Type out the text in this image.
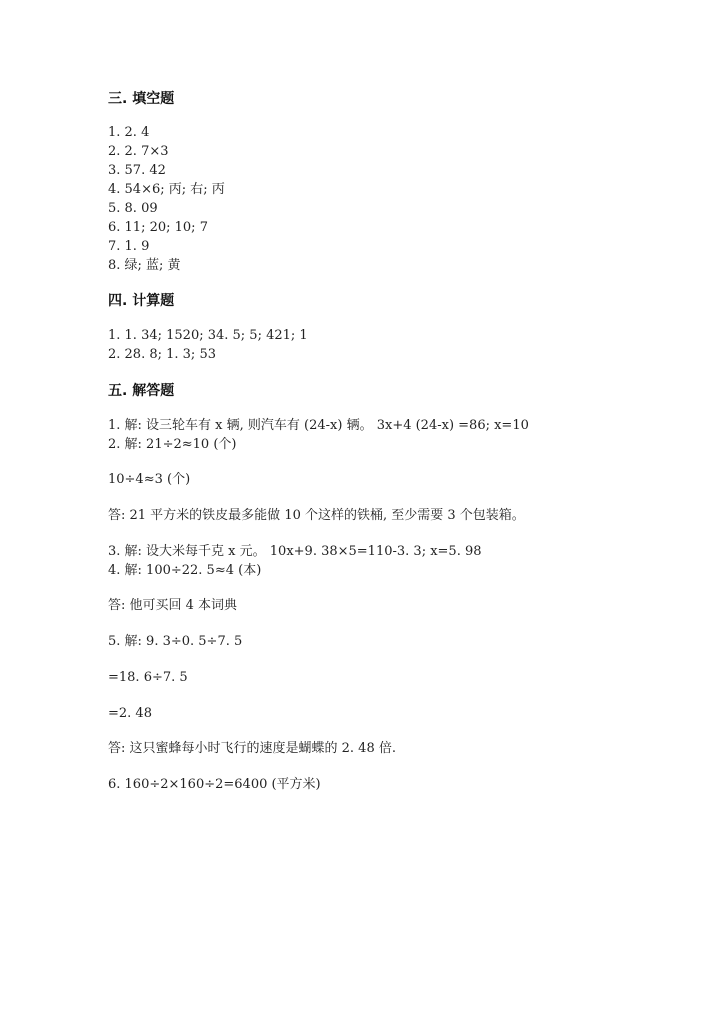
三. 填空题
1. 2. 4
2. 2. 7×3
3. 57. 42
4. 54×6; 丙; 右; 丙
5. 8. 09
6. 11; 20; 10; 7
7. 1. 9
8. 绿; 蓝; 黄
四. 计算题
1. 1. 34; 1520; 34. 5; 5; 421; 1
2. 28. 8; 1. 3; 53
五. 解答题
1. 解: 设三轮车有 x 辆, 则汽车有 (24-x) 辆。 3x+4 (24-x) =86; x=10
2. 解: 21÷2≈10 (个)
10÷4≈3 (个)
答: 21 平方米的铁皮最多能做 10 个这样的铁桶, 至少需要 3 个包装箱。
3. 解: 设大米每千克 x 元。 10x+9. 38×5=110-3. 3; x=5. 98
4. 解: 100÷22. 5≈4 (本)
答: 他可买回 4 本词典
5. 解: 9. 3÷0. 5÷7. 5
=18. 6÷7. 5
=2. 48
答: 这只蜜蜂每小时飞行的速度是蝴蝶的 2. 48 倍.
6. 160÷2×160÷2=6400 (平方米)
